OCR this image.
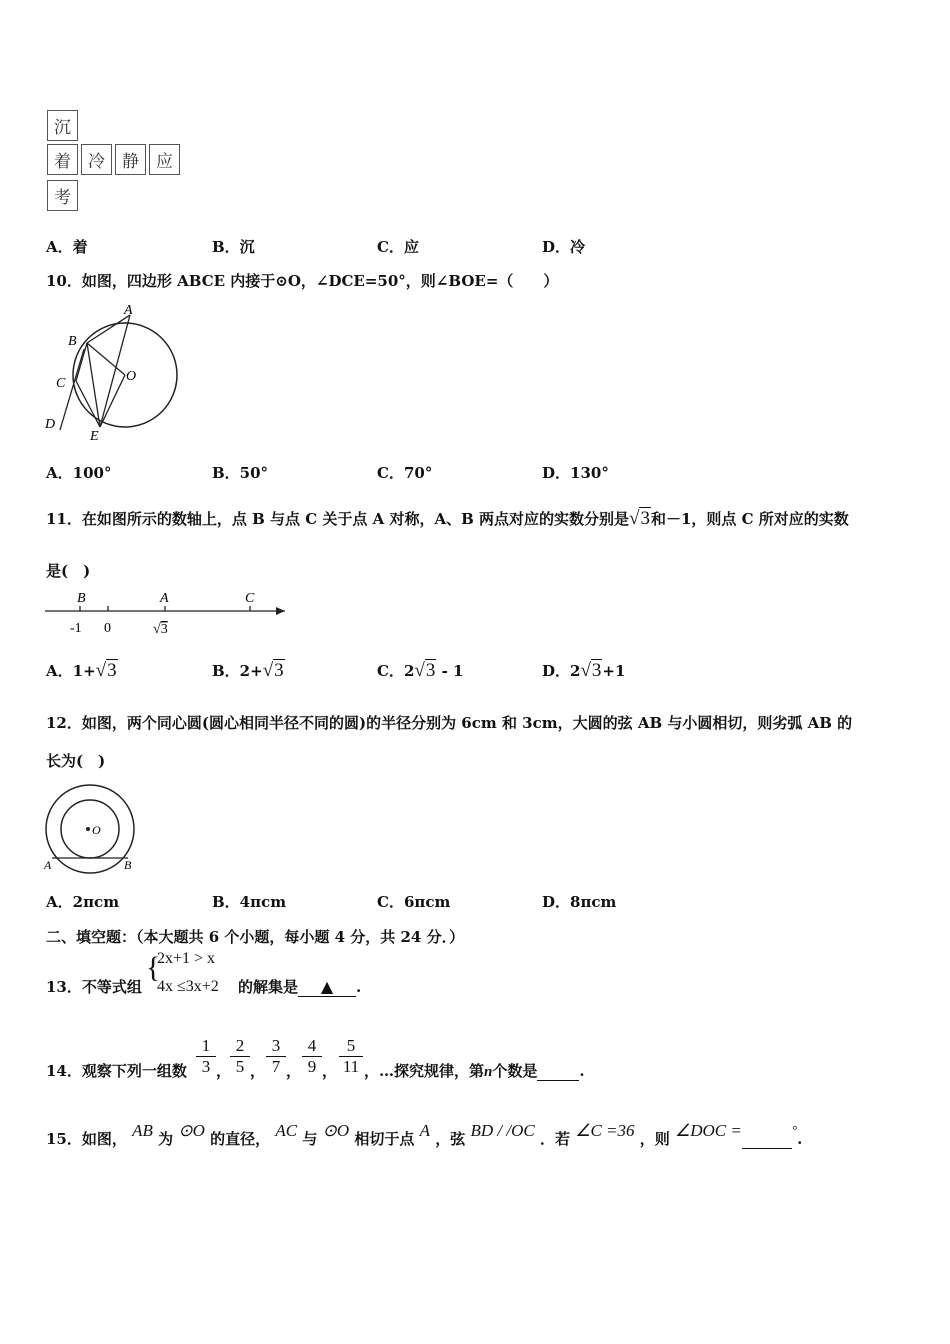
沉
着	冷	静	应
考
A．着	B．沉	C．应	D．冷
10．如图，四边形 ABCE 内接于⊙O，∠DCE=50°，则∠BOE=（　　）
A
B
C
D
E
O
A．100°	B．50°	C．70°	D．130°
11．在如图所示的数轴上，点 B 与点 C 关于点 A 对称，A、B 两点对应的实数分别是√3和－1，则点 C 所对应的实数
是(　)
B	A	C
-1 0	√3
A．1+√3	B．2+√3	C．2√3 - 1	D．2√3+1
12．如图，两个同心圆(圆心相同半径不同的圆)的半径分别为 6cm 和 3cm，大圆的弦 AB 与小圆相切，则劣弧 AB 的
长为(　)
O
A	B
A．2πcm	B．4πcm	C．6πcm	D．8πcm
二、填空题：（本大题共 6 个小题，每小题 4 分，共 24 分．）
13．不等式组
{
2x+1 > x
4x ≤3x+2 的解集是 ▲ .
14．观察下列一组数 $\frac{1}{3}$ ，
$\frac{2}{5}$ ， $\frac{3}{7}$ ， $\frac{4}{9}$ ， $\frac{5}{11}$ ，…探究规律，第n个数是	.
15．如图， AB 为 ⊙O 的直径， AC 与 ⊙O 相切于点 A ，弦 BD / /OC ．若 ∠C =36 ，则 ∠DOC =	°.
